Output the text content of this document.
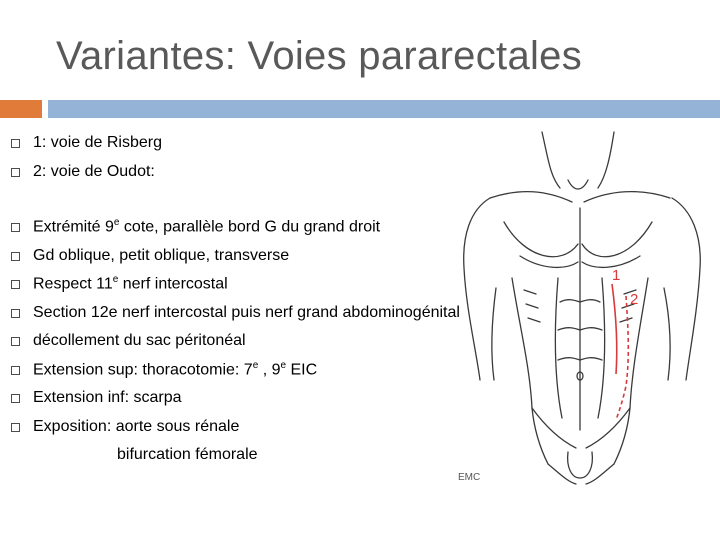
Variantes: Voies pararectales
1
2
EMC
1: voie de Risberg
2: voie de Oudot:
Extrémité 9e cote, parallèle bord G du grand droit
Gd oblique, petit oblique, transverse
Respect 11e nerf intercostal
Section 12e nerf intercostal puis nerf grand abdominogénital
décollement du sac péritonéal
Extension sup: thoracotomie: 7e , 9e EIC
Extension inf: scarpa
Exposition: aorte sous rénale
bifurcation fémorale
